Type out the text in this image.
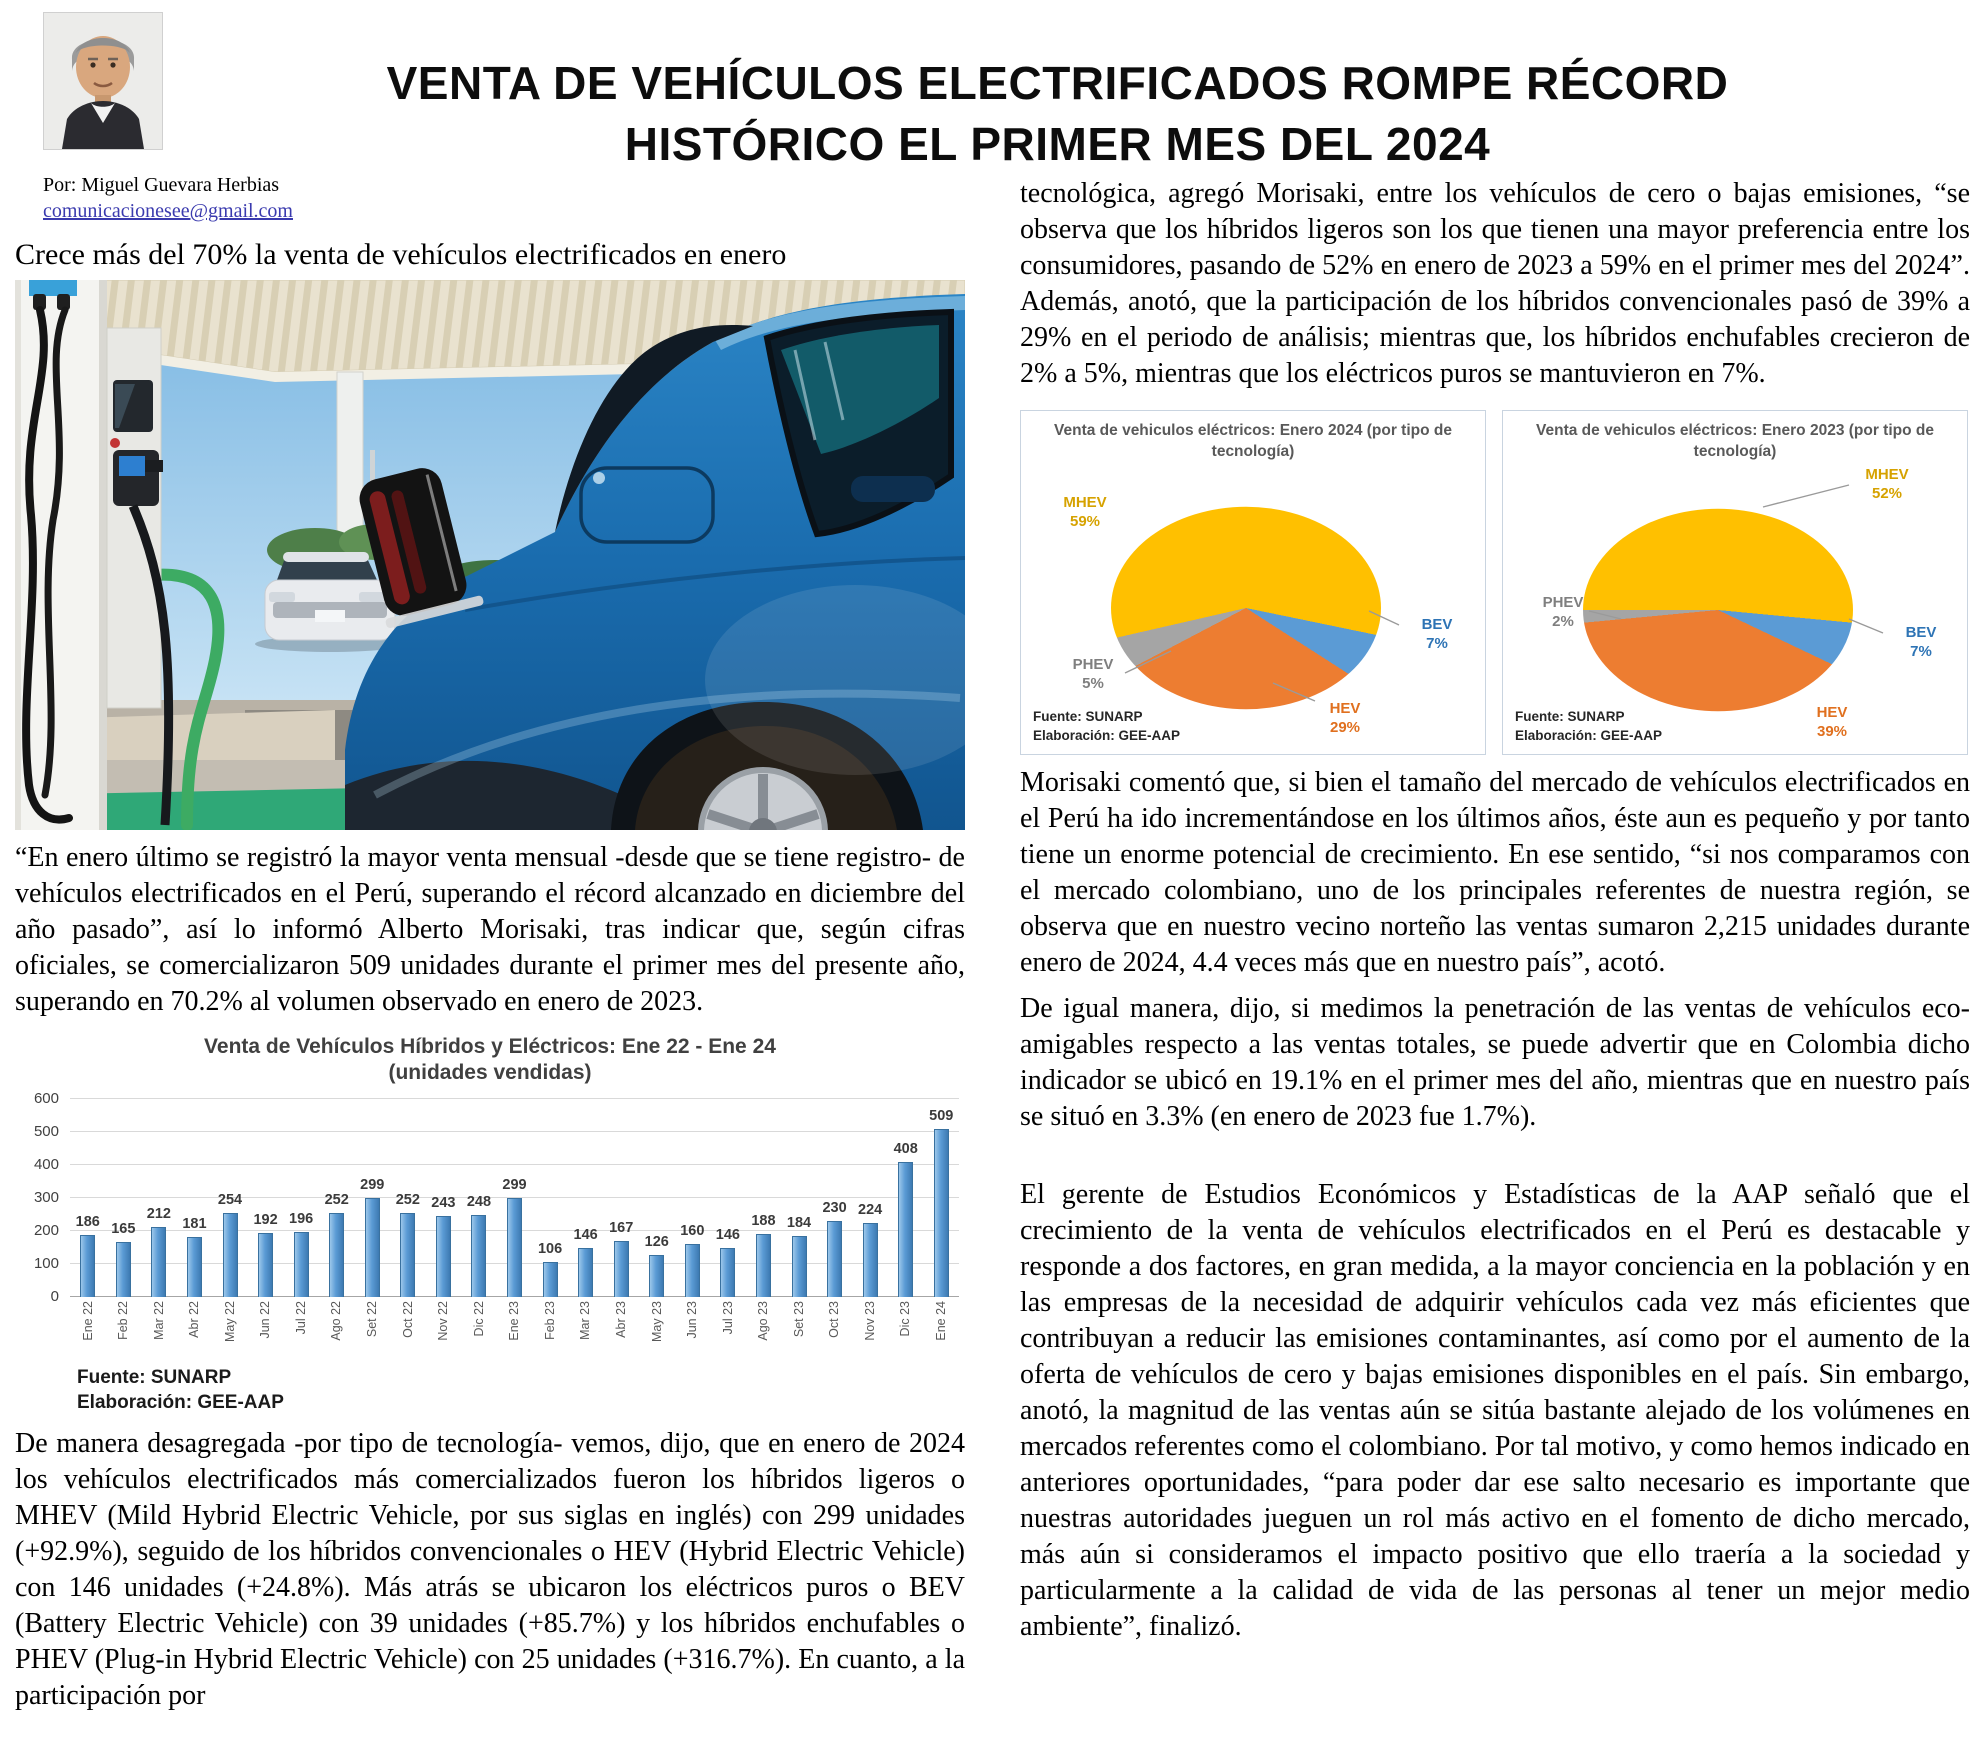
Por: Miguel Guevara Herbias
comunicacionesee@gmail.com
VENTA DE VEHÍCULOS ELECTRIFICADOS ROMPE RÉCORD
HISTÓRICO EL PRIMER MES DEL 2024

Crece más del 70% la venta de vehículos electrificados en enero

“En enero último se registró la mayor venta mensual -desde que se tiene registro- de vehículos electrificados en el Perú, superando el récord alcanzado en diciembre del año pasado”, así lo informó Alberto Morisaki, tras indicar que, según cifras oficiales, se comercializaron 509 unidades durante el primer mes del presente año, superando en 70.2% al volumen observado en enero de 2023.

Venta de Vehículos Híbridos y Eléctricos: Ene 22 - Ene 24
(unidades vendidas)
0
100
200
300
400
500
600
186 165
212
181
254
192 196
252
299
252 243 248
299
106
146 167
126
160 146
188 184
230 224
408
509
Ene 22 Feb 22 Mar 22 Abr 22 May 22 Jun 22 Jul 22 Ago 22 Set 22 Oct 22 Nov 22 Dic 22 Ene 23 Feb 23 Mar 23 Abr 23 May 23 Jun 23 Jul 23 Ago 23 Set 23 Oct 23 Nov 23 Dic 23 Ene 24
Fuente: SUNARP
Elaboración: GEE-AAP

De manera desagregada -por tipo de tecnología- vemos, dijo, que en enero de 2024 los vehículos electrificados más comercializados fueron los híbridos ligeros o MHEV (Mild Hybrid Electric Vehicle, por sus siglas en inglés) con 299 unidades (+92.9%), seguido de los híbridos convencionales o HEV (Hybrid Electric Vehicle) con 146 unidades (+24.8%). Más atrás se ubicaron los eléctricos puros o BEV (Battery Electric Vehicle) con 39 unidades (+85.7%) y los híbridos enchufables o PHEV (Plug-in Hybrid Electric Vehicle) con 25 unidades (+316.7%). En cuanto, a la participación por

tecnológica, agregó Morisaki, entre los vehículos de cero o bajas emisiones, “se observa que los híbridos ligeros son los que tienen una mayor preferencia entre los consumidores, pasando de 52% en enero de 2023 a 59% en el primer mes del 2024”. Además, anotó, que la participación de los híbridos convencionales pasó de 39% a 29% en el periodo de análisis; mientras que, los híbridos enchufables crecieron de 2% a 5%, mientras que los eléctricos puros se mantuvieron en 7%.

Venta de vehiculos eléctricos: Enero 2024 (por tipo de tecnología)
MHEV
59%
BEV
7%
HEV
29%
PHEV
5%
Fuente: SUNARP
Elaboración: GEE-AAP
Venta de vehiculos eléctricos: Enero 2023 (por tipo de tecnología)
MHEV
52%
BEV
7%
HEV
39%
PHEV
2%
Fuente: SUNARP
Elaboración: GEE-AAP

Morisaki comentó que, si bien el tamaño del mercado de vehículos electrificados en el Perú ha ido incrementándose en los últimos años, éste aun es pequeño y por tanto tiene un enorme potencial de crecimiento. En ese sentido, “si nos comparamos con el mercado colombiano, uno de los principales referentes de nuestra región, se observa que en nuestro vecino norteño las ventas sumaron 2,215 unidades durante enero de 2024, 4.4 veces más que en nuestro país”, acotó.

De igual manera, dijo, si medimos la penetración de las ventas de vehículos eco-amigables respecto a las ventas totales, se puede advertir que en Colombia dicho indicador se ubicó en 19.1% en el primer mes del año, mientras que en nuestro país se situó en 3.3% (en enero de 2023 fue 1.7%).

El gerente de Estudios Económicos y Estadísticas de la AAP señaló que el crecimiento de la venta de vehículos electrificados en el Perú es destacable y responde a dos factores, en gran medida, a la mayor conciencia en la población y en las empresas de la necesidad de adquirir vehículos cada vez más eficientes que contribuyan a reducir las emisiones contaminantes, así como por el aumento de la oferta de vehículos de cero y bajas emisiones disponibles en el país. Sin embargo, anotó, la magnitud de las ventas aún se sitúa bastante alejado de los volúmenes en mercados referentes como el colombiano. Por tal motivo, y como hemos indicado en anteriores oportunidades, “para poder dar ese salto necesario es importante que nuestras autoridades jueguen un rol más activo en el fomento de dicho mercado, más aún si consideramos el impacto positivo que ello traería a la sociedad y particularmente a la calidad de vida de las personas al tener un mejor medio ambiente”, finalizó.
